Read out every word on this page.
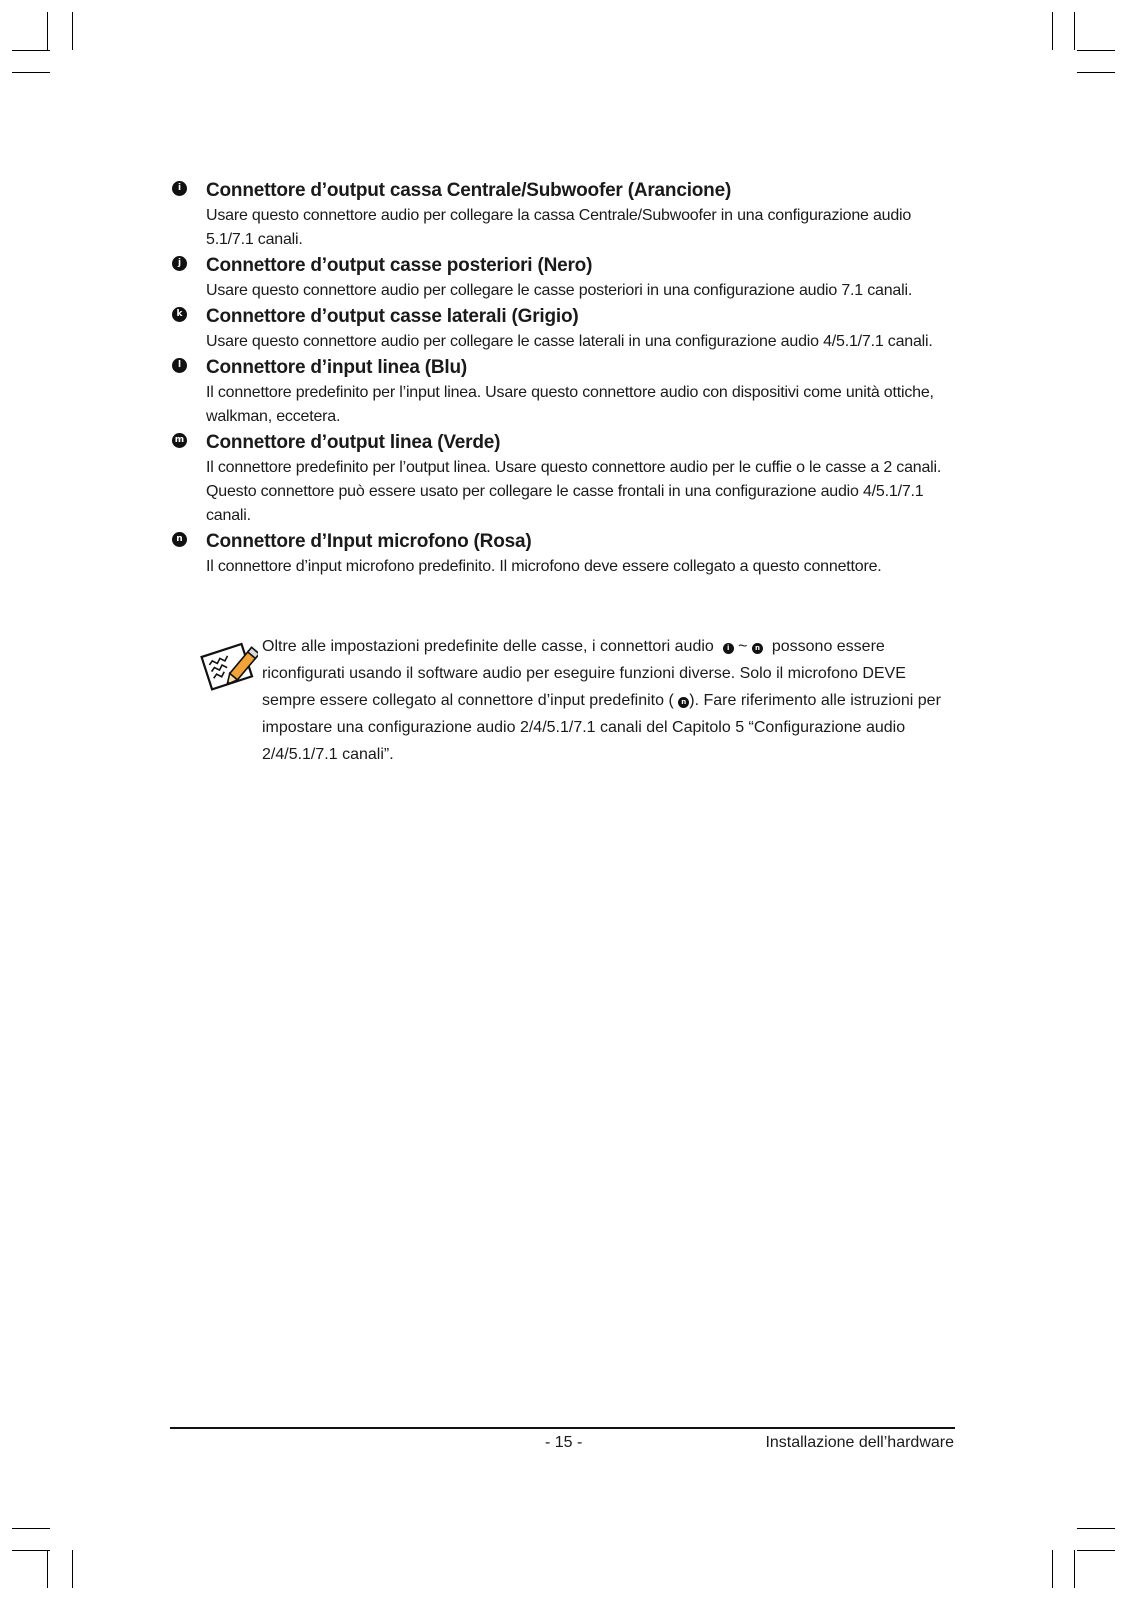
i	Connettore d’output cassa Centrale/Subwoofer (Arancione)
Usare questo connettore audio per collegare la cassa Centrale/Subwoofer in una configurazione audio 5.1/7.1 canali.
j	Connettore d’output casse posteriori (Nero)
Usare questo connettore audio per collegare le casse posteriori in una configurazione audio 7.1 canali.
k Connettore d’output casse laterali (Grigio)
Usare questo connettore audio per collegare le casse laterali in una configurazione audio 4/5.1/7.1 canali.
l	Connettore d’input linea (Blu)
Il connettore predefinito per l’input linea. Usare questo connettore audio con dispositivi come unità ottiche, walkman, eccetera.
m Connettore d’output linea (Verde)
Il connettore predefinito per l’output linea. Usare questo connettore audio per le cuffie o le casse a 2 canali. Questo connettore può essere usato per collegare le casse frontali in una configurazione audio 4/5.1/7.1 canali.
n Connettore d’Input microfono (Rosa)
Il connettore d’input microfono predefinito. Il microfono deve essere collegato a questo connettore.
Oltre alle impostazioni predefinite delle casse, i connettori audio i ~ n possono essere riconfigurati usando il software audio per eseguire funzioni diverse. Solo il microfono DEVE sempre essere collegato al connettore d’input predefinito ( n ). Fare riferimento alle istruzioni per impostare una configurazione audio 2/4/5.1/7.1 canali del Capitolo 5 “Configurazione audio 2/4/5.1/7.1 canali”.
- 15 -	Installazione dell’hardware
